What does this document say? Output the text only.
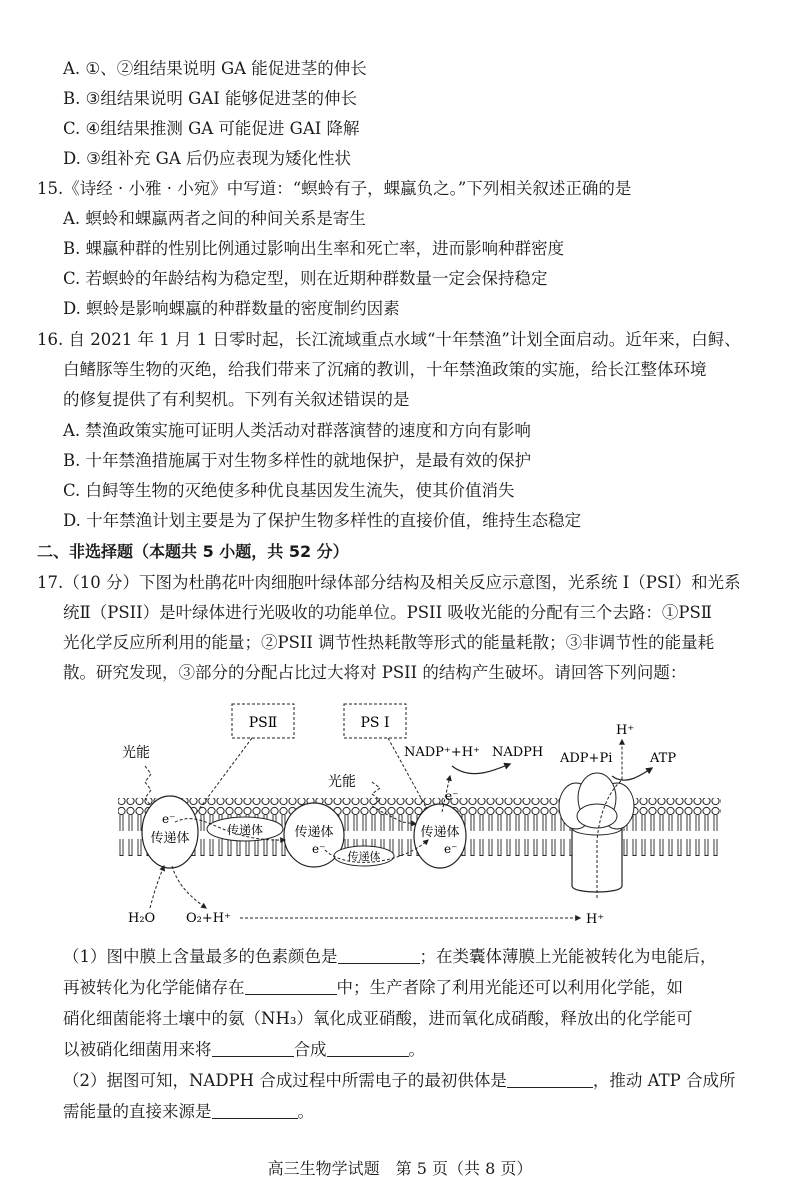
A. ①、②组结果说明 GA 能促进茎的伸长
B. ③组结果说明 GAI 能够促进茎的伸长
C. ④组结果推测 GA 可能促进 GAI 降解
D. ③组补充 GA 后仍应表现为矮化性状
15.《诗经 · 小雅 · 小宛》中写道：“螟蛉有子，蜾蠃负之。”下列相关叙述正确的是
A. 螟蛉和蜾蠃两者之间的种间关系是寄生
B. 蜾蠃种群的性别比例通过影响出生率和死亡率，进而影响种群密度
C. 若螟蛉的年龄结构为稳定型，则在近期种群数量一定会保持稳定
D. 螟蛉是影响蜾蠃的种群数量的密度制约因素
16. 自 2021 年 1 月 1 日零时起，长江流域重点水域“十年禁渔”计划全面启动。近年来，白鲟、
白鳍豚等生物的灭绝，给我们带来了沉痛的教训，十年禁渔政策的实施，给长江整体环境
的修复提供了有利契机。下列有关叙述错误的是
A. 禁渔政策实施可证明人类活动对群落演替的速度和方向有影响
B. 十年禁渔措施属于对生物多样性的就地保护，是最有效的保护
C. 白鲟等生物的灭绝使多种优良基因发生流失，使其价值消失
D. 十年禁渔计划主要是为了保护生物多样性的直接价值，维持生态稳定
二、非选择题（本题共 5 小题，共 52 分）
17.（10 分）下图为杜鹃花叶肉细胞叶绿体部分结构及相关反应示意图，光系统 I（PSI）和光系
统Ⅱ（PSII）是叶绿体进行光吸收的功能单位。PSII 吸收光能的分配有三个去路：①PSⅡ
光化学反应所利用的能量；②PSII 调节性热耗散等形式的能量耗散；③非调节性的能量耗
散。研究发现，③部分的分配占比过大将对 PSII 的结构产生破坏。请回答下列问题：
PSⅡ	PS I
光能
光能
e⁻
传递体
传递体 传递体
e⁻
传递体
传递体
e⁻
e⁻
NADP⁺+H⁺ NADPH
H⁺
ADP+Pi	ATP
H₂O O₂+H⁺	H⁺
（1）图中膜上含量最多的色素颜色是	；在类囊体薄膜上光能被转化为电能后，
再被转化为化学能储存在	中；生产者除了利用光能还可以利用化学能，如
硝化细菌能将土壤中的氨（NH₃）氧化成亚硝酸，进而氧化成硝酸，释放出的化学能可
以被硝化细菌用来将	合成	。
（2）据图可知，NADPH 合成过程中所需电子的最初供体是	，推动 ATP 合成所
需能量的直接来源是	。
高三生物学试题　第 5 页（共 8 页）
